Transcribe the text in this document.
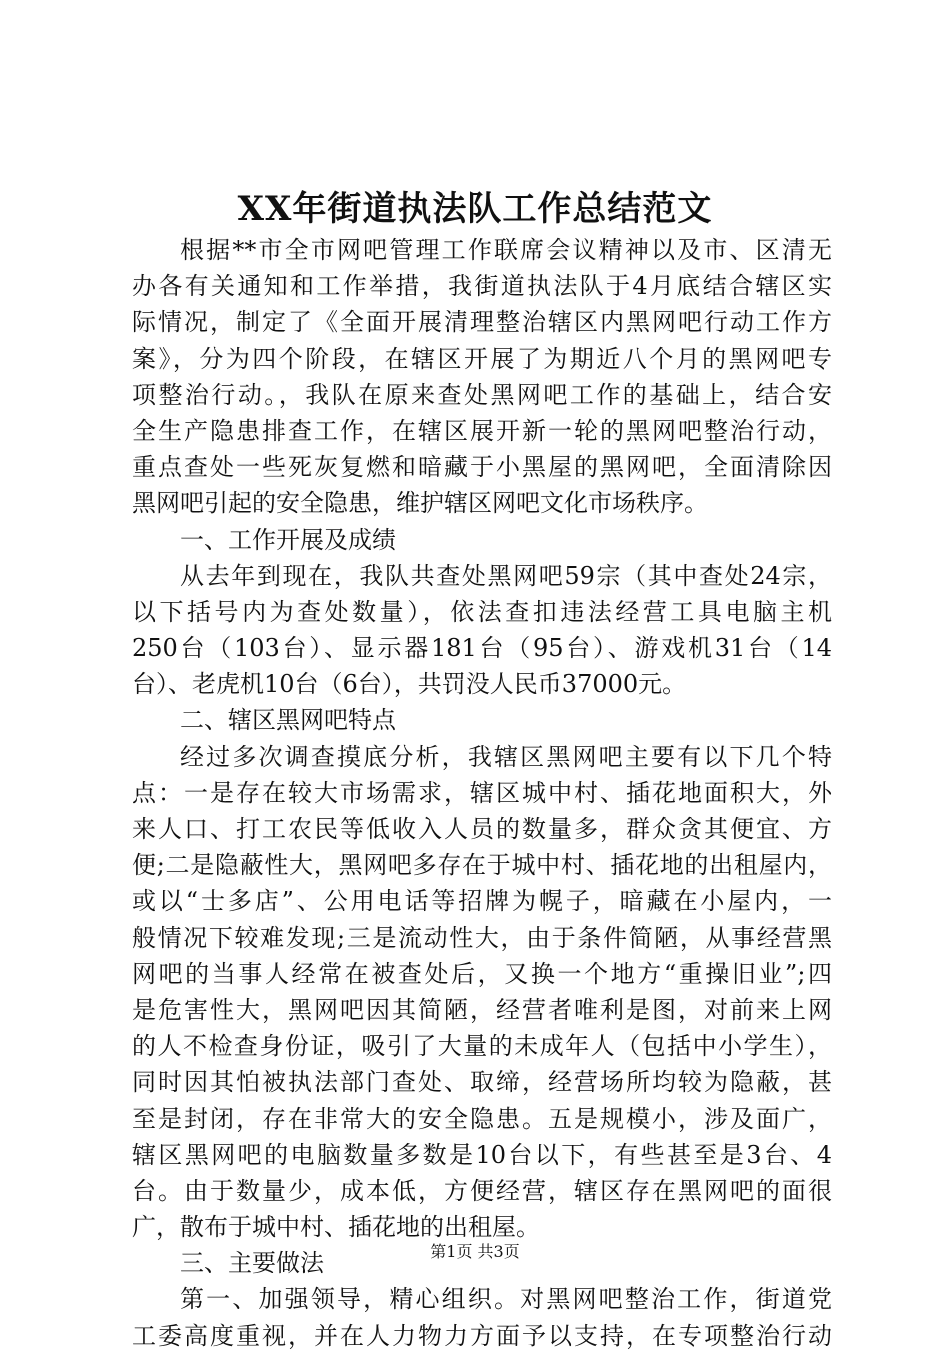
XX年街道执法队工作总结范文
根据**市全市网吧管理工作联席会议精神以及市、区清无
办各有关通知和工作举措，我街道执法队于4月底结合辖区实
际情况，制定了《全面开展清理整治辖区内黑网吧行动工作方
案》，分为四个阶段，在辖区开展了为期近八个月的黑网吧专
项整治行动。，我队在原来查处黑网吧工作的基础上，结合安
全生产隐患排查工作，在辖区展开新一轮的黑网吧整治行动，
重点查处一些死灰复燃和暗藏于小黑屋的黑网吧，全面清除因
黑网吧引起的安全隐患，维护辖区网吧文化市场秩序。
一、工作开展及成绩
从去年到现在，我队共查处黑网吧59宗（其中查处24宗，
以下括号内为查处数量），依法查扣违法经营工具电脑主机
250台（103台）、显示器181台（95台）、游戏机31台（14
台）、老虎机10台（6台），共罚没人民币37000元。
二、辖区黑网吧特点
经过多次调查摸底分析，我辖区黑网吧主要有以下几个特
点：一是存在较大市场需求，辖区城中村、插花地面积大，外
来人口、打工农民等低收入人员的数量多，群众贪其便宜、方
便;二是隐蔽性大，黑网吧多存在于城中村、插花地的出租屋内，
或以“士多店”、公用电话等招牌为幌子，暗藏在小屋内，一
般情况下较难发现;三是流动性大，由于条件简陋，从事经营黑
网吧的当事人经常在被查处后，又换一个地方“重操旧业”;四
是危害性大，黑网吧因其简陋，经营者唯利是图，对前来上网
的人不检查身份证，吸引了大量的未成年人（包括中小学生），
同时因其怕被执法部门查处、取缔，经营场所均较为隐蔽，甚
至是封闭，存在非常大的安全隐患。五是规模小，涉及面广，
辖区黑网吧的电脑数量多数是10台以下，有些甚至是3台、4
台。由于数量少，成本低，方便经营，辖区存在黑网吧的面很
广，散布于城中村、插花地的出租屋。
三、主要做法
第一、加强领导，精心组织。对黑网吧整治工作，街道党
工委高度重视，并在人力物力方面予以支持，在专项整治行动
第1页 共3页
